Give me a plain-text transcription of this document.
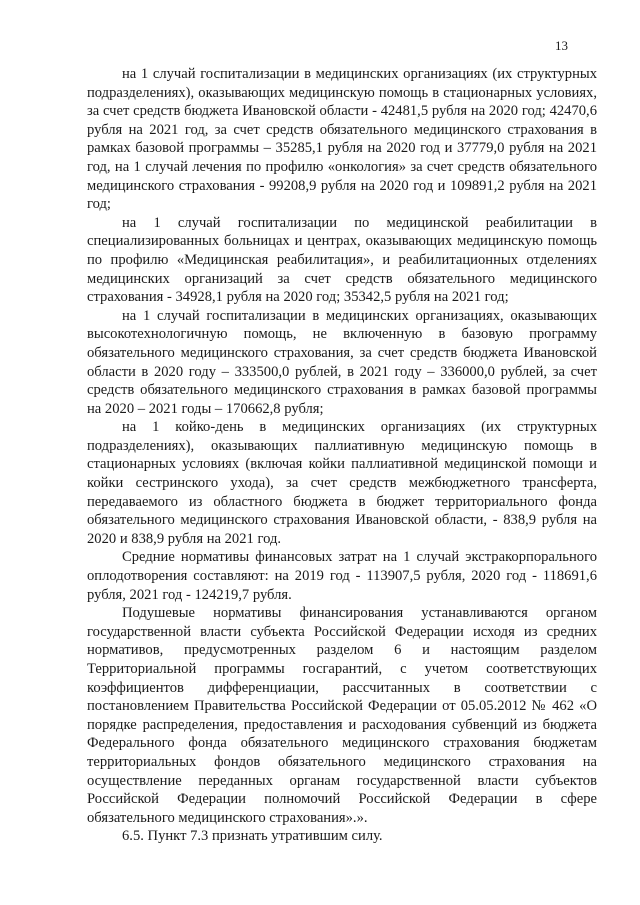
13

на 1 случай госпитализации в медицинских организациях (их структурных подразделениях), оказывающих медицинскую помощь в стационарных условиях, за счет средств бюджета Ивановской области - 42481,5 рубля на 2020 год; 42470,6 рубля на 2021 год, за счет средств обязательного медицинского страхования в рамках базовой программы – 35285,1 рубля на 2020 год и 37779,0 рубля на 2021 год, на 1 случай лечения по профилю «онкология» за счет средств обязательного медицинского страхования - 99208,9 рубля на 2020 год и 109891,2 рубля на 2021 год;

на 1 случай госпитализации по медицинской реабилитации в специализированных больницах и центрах, оказывающих медицинскую помощь по профилю «Медицинская реабилитация», и реабилитационных отделениях медицинских организаций за счет средств обязательного медицинского страхования - 34928,1 рубля на 2020 год; 35342,5 рубля на 2021 год;

на 1 случай госпитализации в медицинских организациях, оказывающих высокотехнологичную помощь, не включенную в базовую программу обязательного медицинского страхования, за счет средств бюджета Ивановской области в 2020 году – 333500,0 рублей, в 2021 году – 336000,0 рублей, за счет средств обязательного медицинского страхования в рамках базовой программы на 2020 – 2021 годы – 170662,8 рубля;

на 1 койко-день в медицинских организациях (их структурных подразделениях), оказывающих паллиативную медицинскую помощь в стационарных условиях (включая койки паллиативной медицинской помощи и койки сестринского ухода), за счет средств межбюджетного трансферта, передаваемого из областного бюджета в бюджет территориального фонда обязательного медицинского страхования Ивановской области, - 838,9 рубля на 2020 и 838,9 рубля на 2021 год.

Средние нормативы финансовых затрат на 1 случай экстракорпорального оплодотворения составляют: на 2019 год - 113907,5 рубля, 2020 год - 118691,6 рубля, 2021 год - 124219,7 рубля.

Подушевые нормативы финансирования устанавливаются органом государственной власти субъекта Российской Федерации исходя из средних нормативов, предусмотренных разделом 6 и настоящим разделом Территориальной программы госгарантий, с учетом соответствующих коэффициентов дифференциации, рассчитанных в соответствии с постановлением Правительства Российской Федерации от 05.05.2012 № 462 «О порядке распределения, предоставления и расходования субвенций из бюджета Федерального фонда обязательного медицинского страхования бюджетам территориальных фондов обязательного медицинского страхования на осуществление переданных органам государственной власти субъектов Российской Федерации полномочий Российской Федерации в сфере обязательного медицинского страхования».».

6.5. Пункт 7.3 признать утратившим силу.
